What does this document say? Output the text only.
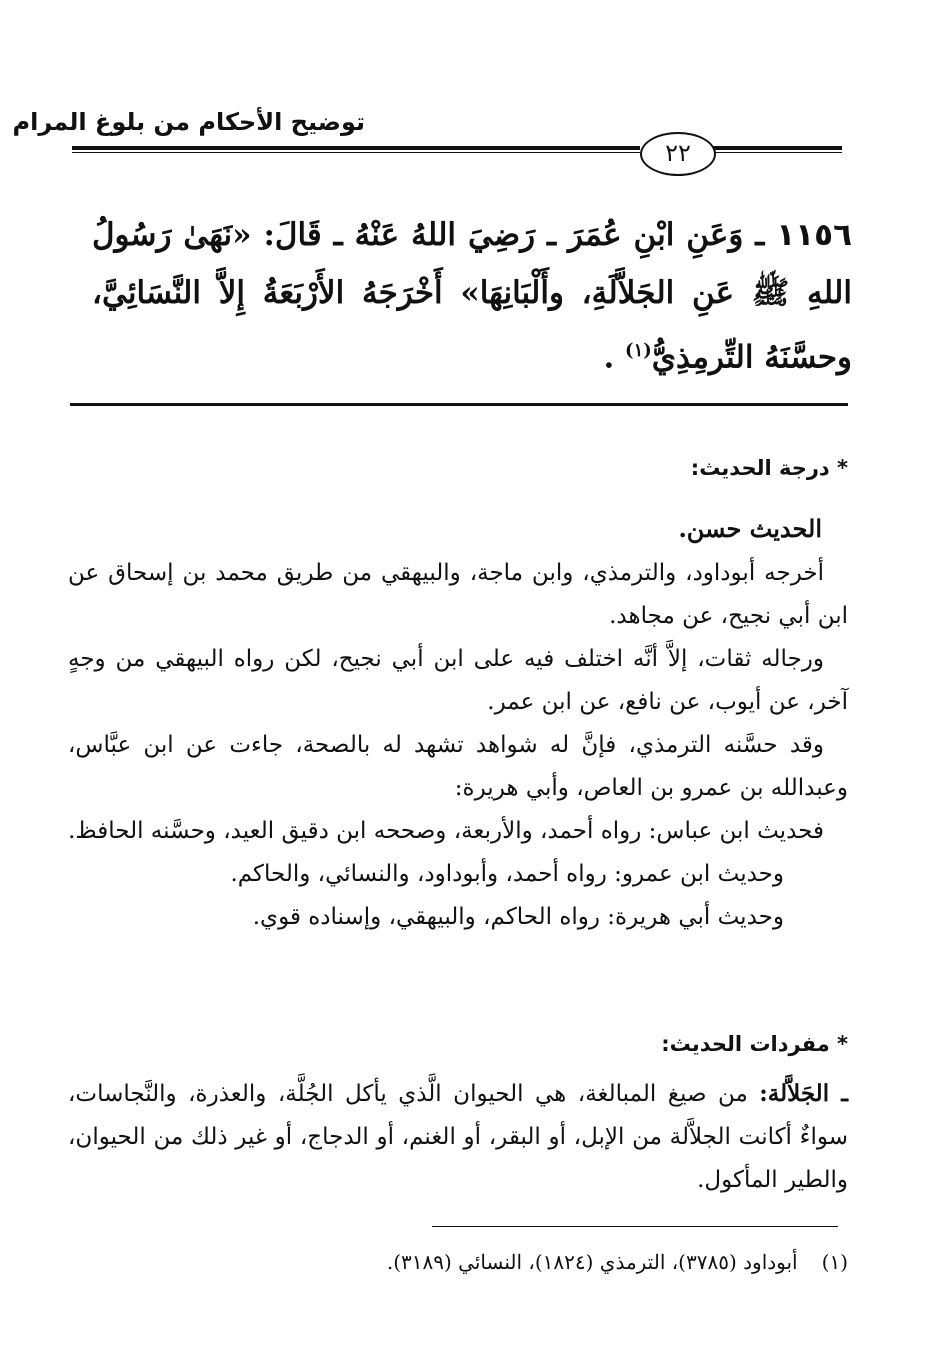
توضيح الأحكام من بلوغ المرام
٢٢
١١٥٦ ـ وَعَنِ ابْنِ عُمَرَ ـ رَضِيَ اللهُ عَنْهُ ـ قَالَ: «نَهَىٰ رَسُولُ اللهِ ﷺ عَنِ الجَلاَّلَةِ، وأَلْبَانِهَا» أَخْرَجَهُ الأَرْبَعَةُ إِلاَّ النَّسَائِيَّ، وحسَّنَهُ التِّرمِذِيُّ$^{(١)}$ .
* درجة الحديث:
الحديث حسن.

أخرجه أبوداود، والترمذي، وابن ماجة، والبيهقي من طريق محمد بن إسحاق عن ابن أبي نجيح، عن مجاهد.

ورجاله ثقات، إلاَّ أنَّه اختلف فيه على ابن أبي نجيح، لكن رواه البيهقي من وجهٍ آخر، عن أيوب، عن نافع، عن ابن عمر.

وقد حسَّنه الترمذي، فإنَّ له شواهد تشهد له بالصحة، جاءت عن ابن عبَّاس، وعبدالله بن عمرو بن العاص، وأبي هريرة:

فحديث ابن عباس: رواه أحمد، والأربعة، وصححه ابن دقيق العيد، وحسَّنه الحافظ.

وحديث ابن عمرو: رواه أحمد، وأبوداود، والنسائي، والحاكم.

وحديث أبي هريرة: رواه الحاكم، والبيهقي، وإسناده قوي.

* مفردات الحديث:

ـ الجَلاَّلة: من صيغ المبالغة، هي الحيوان الَّذي يأكل الجُلَّة، والعذرة، والنَّجاسات، سواءٌ أكانت الجلاَّلة من الإبل، أو البقر، أو الغنم، أو الدجاج، أو غير ذلك من الحيوان، والطير المأكول.

(١)أبوداود (٣٧٨٥)، الترمذي (١٨٢٤)، النسائي (٣١٨٩).
